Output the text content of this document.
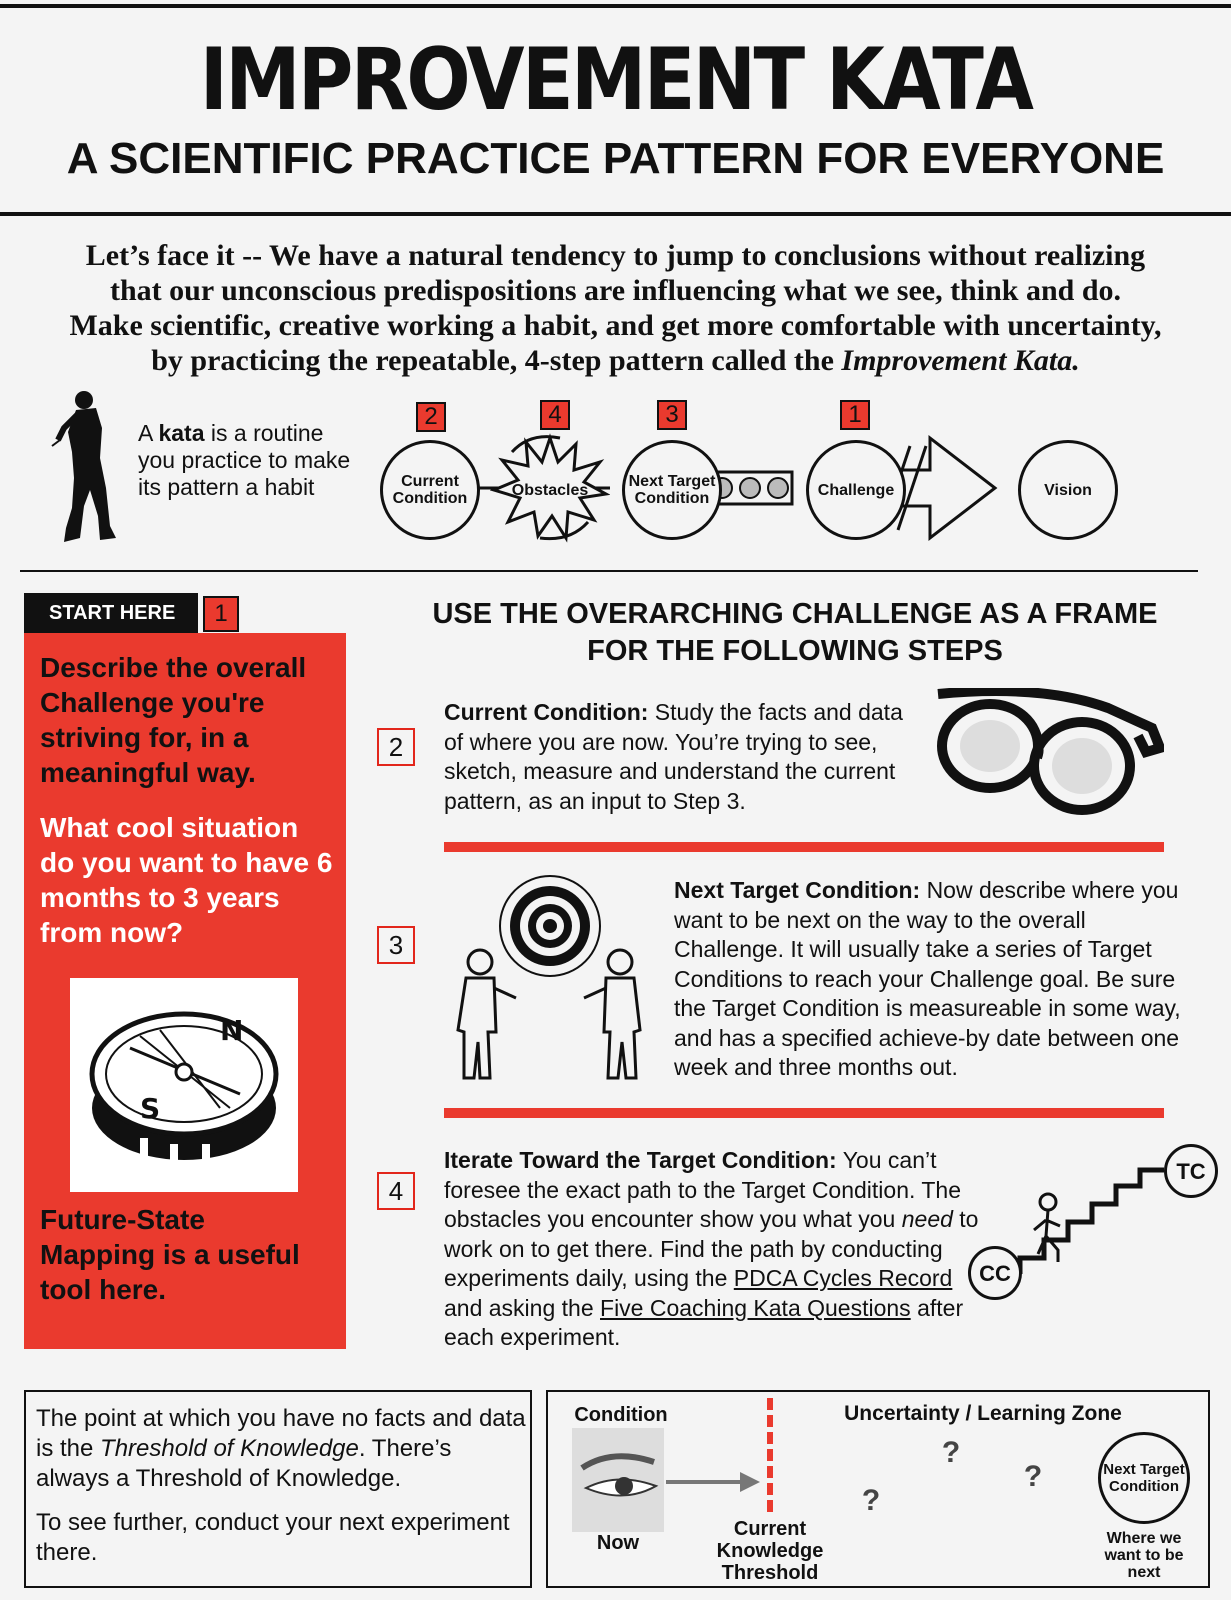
IMPROVEMENT KATA
A SCIENTIFIC PRACTICE PATTERN FOR EVERYONE
Let’s face it -- We have a natural tendency to jump to conclusions without realizing
that our unconscious predispositions are influencing what we see, think and do.
Make scientific, creative working a habit, and get more comfortable with uncertainty,
by practicing the repeatable, 4-step pattern called the Improvement Kata.
A kata is a routine you practice to make its pattern a habit
2	4	3	1
Current Condition	Obstacles
Next Target Condition	Challenge	Vision
START HERE	1
Describe the overall Challenge you're striving for, in a meaningful way.
What cool situation do you want to have 6 months to 3 years from now?
N
S
Future-State Mapping is a useful tool here.
USE THE OVERARCHING CHALLENGE AS A FRAME
FOR THE FOLLOWING STEPS
2
Current Condition: Study the facts and data of where you are now. You’re trying to see, sketch, measure and understand the current pattern, as an input to Step 3.
3
Next Target Condition: Now describe where you want to be next on the way to the overall Challenge. It will usually take a series of Target Conditions to reach your Challenge goal. Be sure the Target Condition is measureable in some way, and has a specified achieve-by date between one week and three months out.
4
Iterate Toward the Target Condition: You can’t foresee the exact path to the Target Condition. The obstacles you encounter show you what you need to work on to get there. Find the path by conducting experiments daily, using the PDCA Cycles Record and asking the Five Coaching Kata Questions after each experiment.
CC
TC
The point at which you have no facts and data is the Threshold of Knowledge. There’s always a Threshold of Knowledge.
To see further, conduct your next experiment there.
Condition
Now
Current Knowledge Threshold
Uncertainty / Learning Zone
?
?
?
Next Target Condition
Where we want to be next
